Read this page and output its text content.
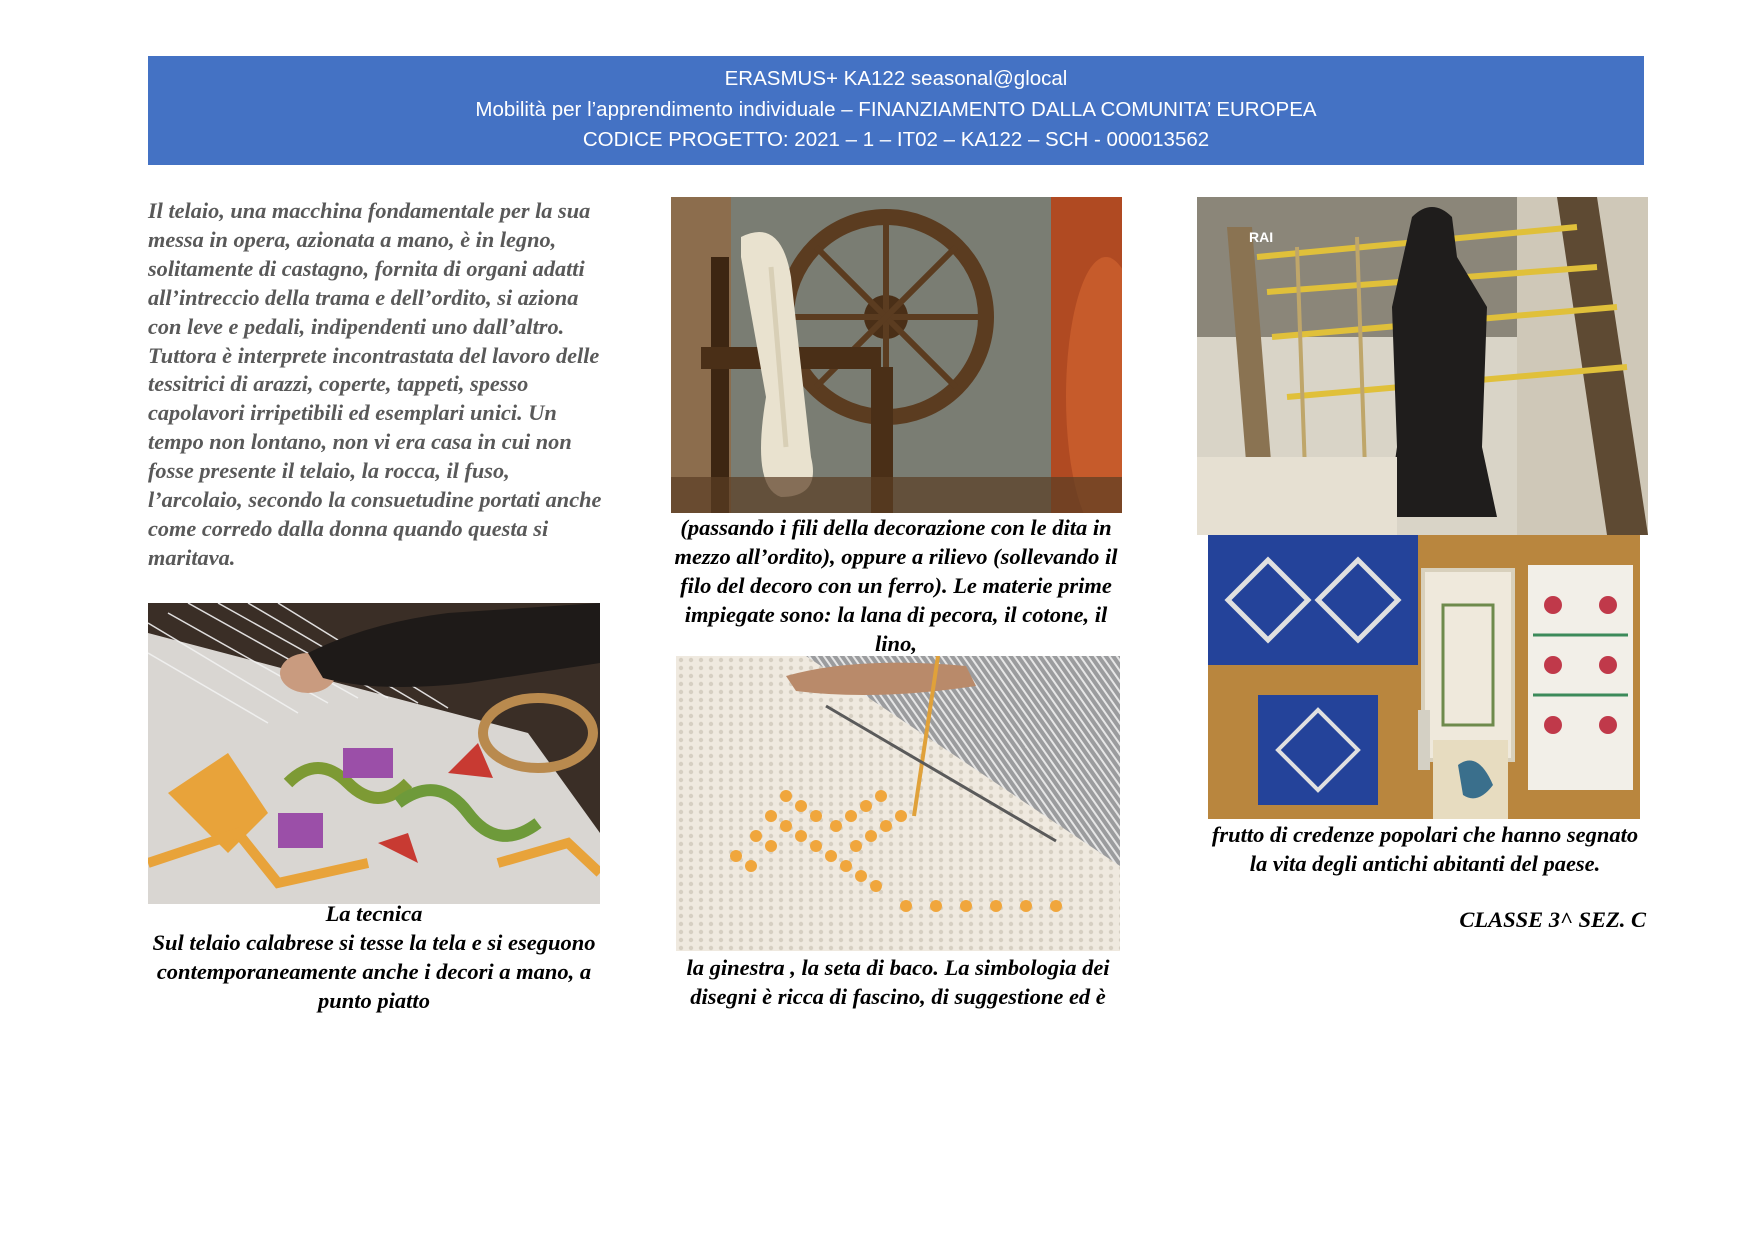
ERASMUS+ KA122 seasonal@glocal
Mobilità per l’apprendimento individuale – FINANZIAMENTO DALLA COMUNITA’ EUROPEA
CODICE PROGETTO: 2021 – 1 – IT02 – KA122 – SCH - 000013562
Il telaio, una macchina fondamentale per la sua messa in opera, azionata a mano, è in legno, solitamente di castagno, fornita di organi adatti all’intreccio della trama e dell’ordito, si aziona con leve e pedali, indipendenti uno dall’altro. Tuttora è interprete incontrastata del lavoro delle tessitrici di arazzi, coperte, tappeti, spesso capolavori irripetibili ed esemplari unici. Un tempo non lontano, non vi era casa in cui non fosse presente il telaio, la rocca, il fuso, l’arcolaio, secondo la consuetudine portati anche come corredo dalla donna quando questa si maritava.
RAI
(passando i fili della decorazione con le dita in mezzo all’ordito), oppure a rilievo (sollevando il filo del decoro con un ferro). Le materie prime impiegate sono: la lana di pecora, il cotone, il lino,
frutto di credenze popolari che hanno segnato la vita degli antichi abitanti del paese.
CLASSE 3^ SEZ. C
La tecnica
Sul telaio calabrese si tesse la tela e si eseguono contemporaneamente anche i decori a mano, a punto piatto
la ginestra , la seta di baco. La simbologia dei disegni è ricca di fascino, di suggestione ed è
